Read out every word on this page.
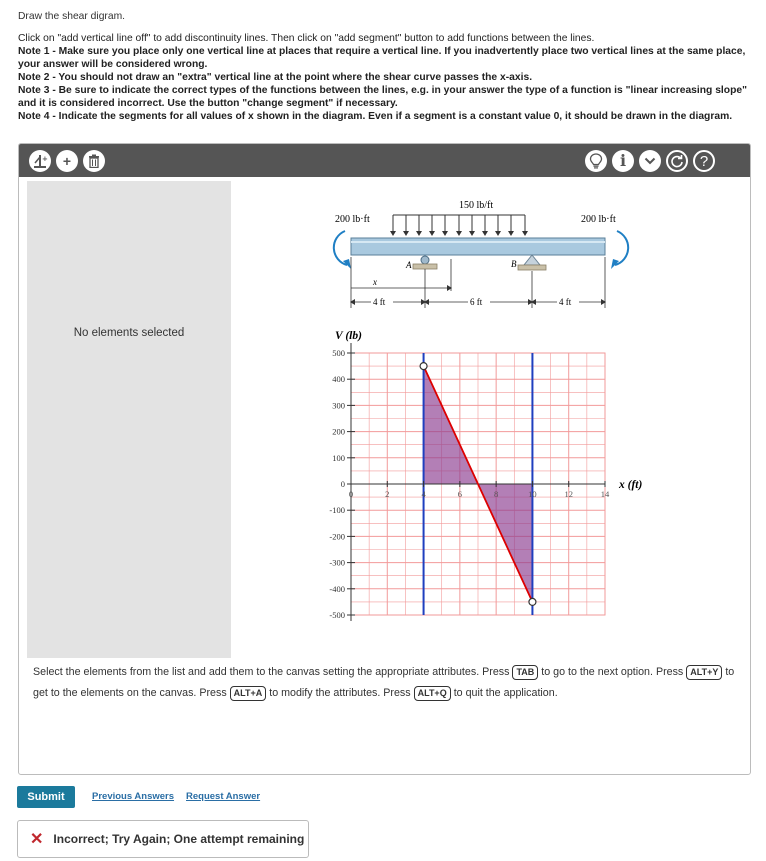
Draw the shear digram.

Click on "add vertical line off" to add discontinuity lines. Then click on "add segment" button to add functions between the lines.

Note 1 - Make sure you place only one vertical line at places that require a vertical line. If you inadvertently place two vertical lines at the same place, your answer will be considered wrong.

Note 2 - You should not draw an "extra" vertical line at the point where the shear curve passes the x-axis.

Note 3 - Be sure to indicate the correct types of the functions between the lines, e.g. in your answer the type of a function is "linear increasing slope" and it is considered incorrect. Use the button "change segment" if necessary.

Note 4 - Indicate the segments for all values of x shown in the diagram. Even if a segment is a constant value 0, it should be drawn in the diagram.

+ +	i	?
No elements selected
150 lb/ft
200 lb·ft	200 lb·ft
A	B
x
4 ft	6 ft	4 ft
500
400
300
200
100
0
-100
-200
-300
-400
-500
0	2	4	6	8	10	12	14
V (lb)
x (ft)
Select the elements from the list and add them to the canvas setting the appropriate attributes. Press TAB to go to the next option. Press ALT+Y to get to the elements on the canvas. Press ALT+A to modify the attributes. Press ALT+Q to quit the application.
Submit	Previous Answers Request Answer
✕ Incorrect; Try Again; One attempt remaining
